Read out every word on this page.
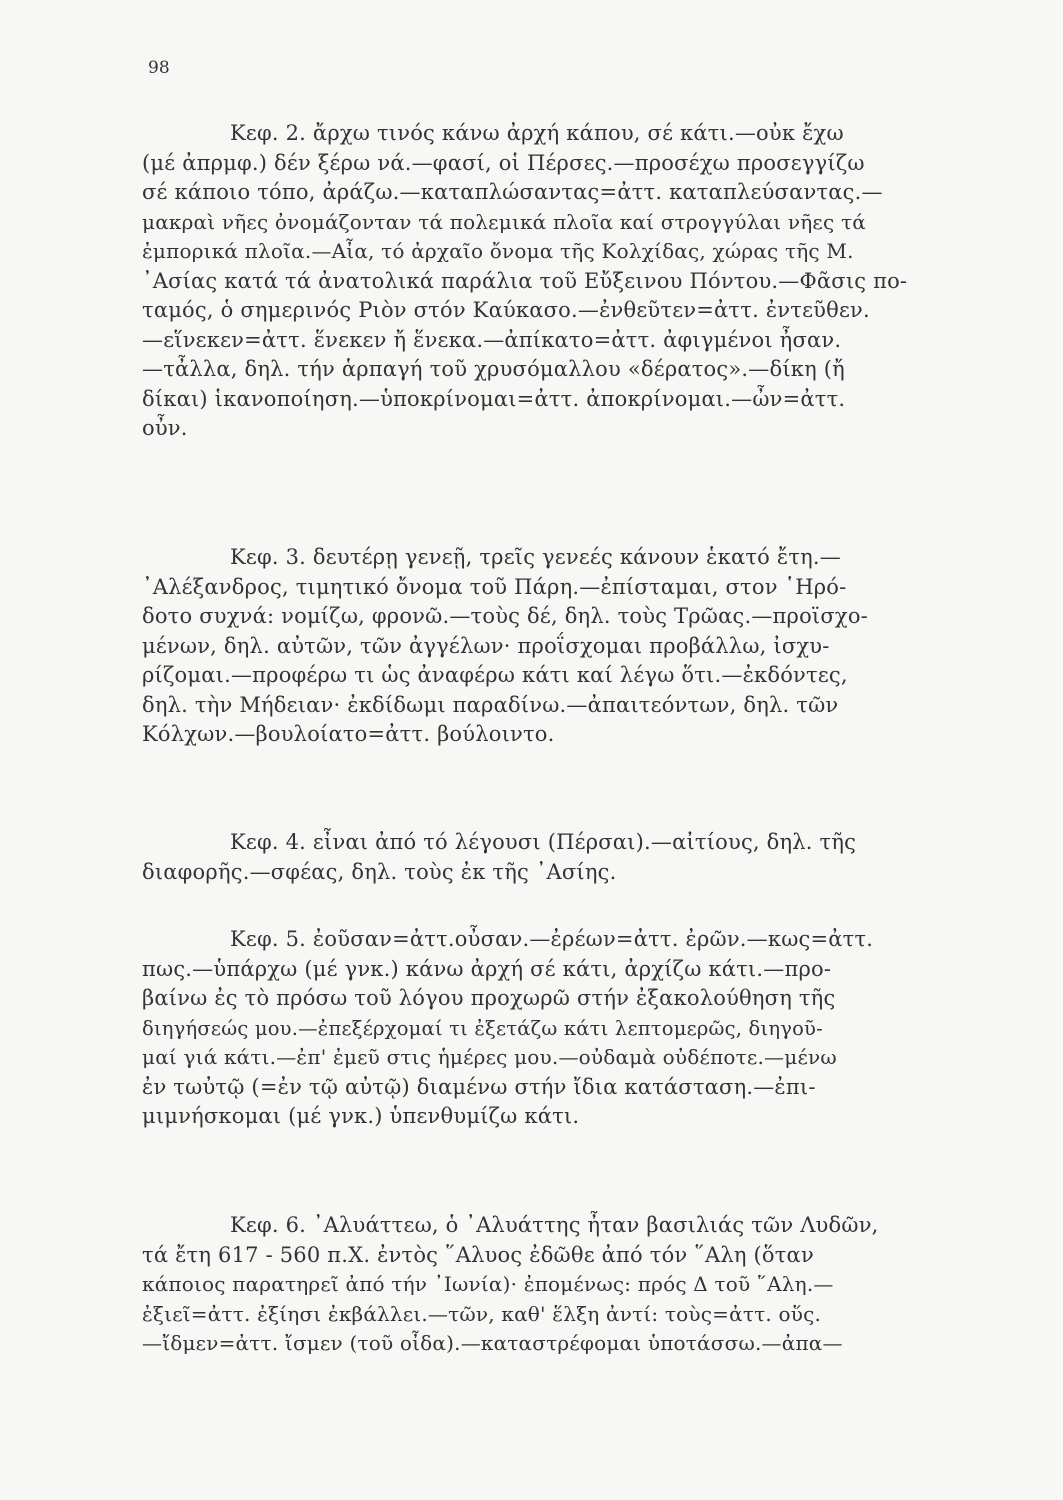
98
Κεφ. 2. ἄρχω τινός κάνω ἀρχή κάπου, σέ κάτι.—οὐκ ἔχω
(μέ ἀπρμφ.) δέν ξέρω νά.—φασί, οἱ Πέρσες.—προσέχω προσεγγίζω
σέ κάποιο τόπο, ἀράζω.—καταπλώσαντας=ἀττ. καταπλεύσαντας.—
μακραὶ νῆες ὀνομάζονταν τά πολεμικά πλοῖα καί στρογγύλαι νῆες τά
ἐμπορικά πλοῖα.—Αἶα, τό ἀρχαῖο ὄνομα τῆς Κολχίδας, χώρας τῆς Μ.
᾿Ασίας κατά τά ἀνατολικά παράλια τοῦ Εὔξεινου Πόντου.—Φᾶσις πο-
ταμός, ὁ σημερινός Ριὸν στόν Καύκασο.—ἐνθεῦτεν=ἀττ. ἐντεῦθεν.
—εἵνεκεν=ἀττ. ἕνεκεν ἤ ἕνεκα.—ἀπίκατο=ἀττ. ἀφιγμένοι ἦσαν.
—τἆλλα, δηλ. τήν ἁρπαγή τοῦ χρυσόμαλλου «δέρατος».—δίκη (ἤ
δίκαι) ἱκανοποίηση.—ὑποκρίνομαι=ἀττ. ἀποκρίνομαι.—ὦν=ἀττ.
οὖν.
Κεφ. 3. δευτέρῃ γενεῇ, τρεῖς γενεές κάνουν ἑκατό ἔτη.—
᾿Αλέξανδρος, τιμητικό ὄνομα τοῦ Πάρη.—ἐπίσταμαι, στον ῾Ηρό-
δοτο συχνά: νομίζω, φρονῶ.—τοὺς δέ, δηλ. τοὺς Τρῶας.—προϊσχο-
μένων, δηλ. αὐτῶν, τῶν ἀγγέλων· προΐσχομαι προβάλλω, ἰσχυ-
ρίζομαι.—προφέρω τι ὡς ἀναφέρω κάτι καί λέγω ὅτι.—ἐκδόντες,
δηλ. τὴν Μήδειαν· ἐκδίδωμι παραδίνω.—ἀπαιτεόντων, δηλ. τῶν
Κόλχων.—βουλοίατο=ἀττ. βούλοιντο.
Κεφ. 4. εἶναι ἀπό τό λέγουσι (Πέρσαι).—αἰτίους, δηλ. τῆς
διαφορῆς.—σφέας, δηλ. τοὺς ἐκ τῆς ᾿Ασίης.
Κεφ. 5. ἐοῦσαν=ἀττ.οὖσαν.—ἐρέων=ἀττ. ἐρῶν.—κως=ἀττ.
πως.—ὑπάρχω (μέ γνκ.) κάνω ἀρχή σέ κάτι, ἀρχίζω κάτι.—προ-
βαίνω ἐς τὸ πρόσω τοῦ λόγου προχωρῶ στήν ἐξακολούθηση τῆς
διηγήσεώς μου.—ἐπεξέρχομαί τι ἐξετάζω κάτι λεπτομερῶς, διηγοῦ-
μαί γιά κάτι.—ἐπ' ἐμεῦ στις ἡμέρες μου.—οὐδαμὰ οὐδέποτε.—μένω
ἐν τωὐτῷ (=ἐν τῷ αὐτῷ) διαμένω στήν ἴδια κατάσταση.—ἐπι-
μιμνήσκομαι (μέ γνκ.) ὑπενθυμίζω κάτι.
Κεφ. 6. ᾿Αλυάττεω, ὁ ᾿Αλυάττης ἦταν βασιλιάς τῶν Λυδῶν,
τά ἔτη 617 - 560 π.Χ. ἐντὸς ῞Αλυος ἐδῶθε ἀπό τόν ῞Αλη (ὅταν
κάποιος παρατηρεῖ ἀπό τήν ᾿Ιωνία)· ἐπομένως: πρός Δ τοῦ ῞Αλη.—
ἐξιεῖ=ἀττ. ἐξίησι ἐκβάλλει.—τῶν, καθ' ἕλξη ἀντί: τοὺς=ἀττ. οὕς.
—ἴδμεν=ἀττ. ἴσμεν (τοῦ οἶδα).—καταστρέφομαι ὑποτάσσω.—ἀπα—
